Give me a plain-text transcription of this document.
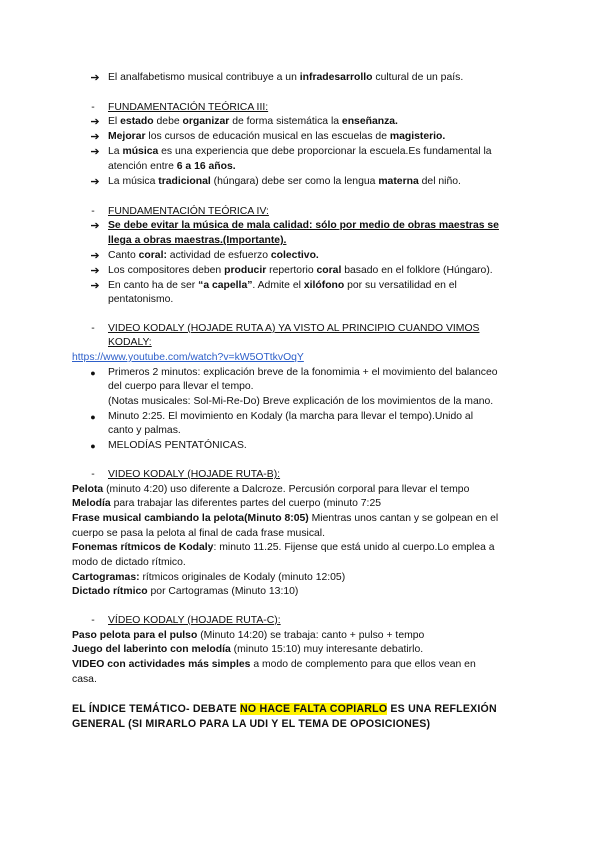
➔ El analfabetismo musical contribuye a un infradesarrollo cultural de un país.
-	FUNDAMENTACIÓN TEÓRICA III:
➔ El estado debe organizar de forma sistemática la enseñanza.
➔ Mejorar los cursos de educación musical en las escuelas de magisterio.
➔ La música es una experiencia que debe proporcionar la escuela.Es fundamental la
atención entre 6 a 16 años.
➔ La música tradicional (húngara) debe ser como la lengua materna del niño.
-	FUNDAMENTACIÓN TEÓRICA IV:
➔ Se debe evitar la música de mala calidad: sólo por medio de obras maestras se
llega a obras maestras.(Importante).
➔ Canto coral: actividad de esfuerzo colectivo.
➔ Los compositores deben producir repertorio coral basado en el folklore (Húngaro).
➔ En canto ha de ser “a capella”. Admite el xilófono por su versatilidad en el
pentatonismo.
-	VIDEO KODALY (HOJADE RUTA A) YA VISTO AL PRINCIPIO CUANDO VIMOS
KODALY:
https://www.youtube.com/watch?v=kW5OTtkvOqY
● Primeros 2 minutos: explicación breve de la fonomimia + el movimiento del balanceo
del cuerpo para llevar el tempo.
(Notas musicales: Sol-Mi-Re-Do) Breve explicación de los movimientos de la mano.
● Minuto 2:25. El movimiento en Kodaly (la marcha para llevar el tempo).Unido al
canto y palmas.
● MELODÍAS PENTATÓNICAS.
-	VIDEO KODALY (HOJADE RUTA-B):
Pelota (minuto 4:20) uso diferente a Dalcroze. Percusión corporal para llevar el tempo
Melodía para trabajar las diferentes partes del cuerpo (minuto 7:25
Frase musical cambiando la pelota(Minuto 8:05) Mientras unos cantan y se golpean en el
cuerpo se pasa la pelota al final de cada frase musical.
Fonemas rítmicos de Kodaly: minuto 11.25. Fijense que está unido al cuerpo.Lo emplea a
modo de dictado rítmico.
Cartogramas: rítmicos originales de Kodaly (minuto 12:05)
Dictado rítmico por Cartogramas (Minuto 13:10)
-	VÍDEO KODALY (HOJADE RUTA-C):
Paso pelota para el pulso (Minuto 14:20) se trabaja: canto + pulso + tempo
Juego del laberinto con melodía (minuto 15:10) muy interesante debatirlo.
VIDEO con actividades más simples a modo de complemento para que ellos vean en
casa.
EL ÍNDICE TEMÁTICO- DEBATE NO HACE FALTA COPIARLO ES UNA REFLEXIÓN
GENERAL (SI MIRARLO PARA LA UDI Y EL TEMA DE OPOSICIONES)
